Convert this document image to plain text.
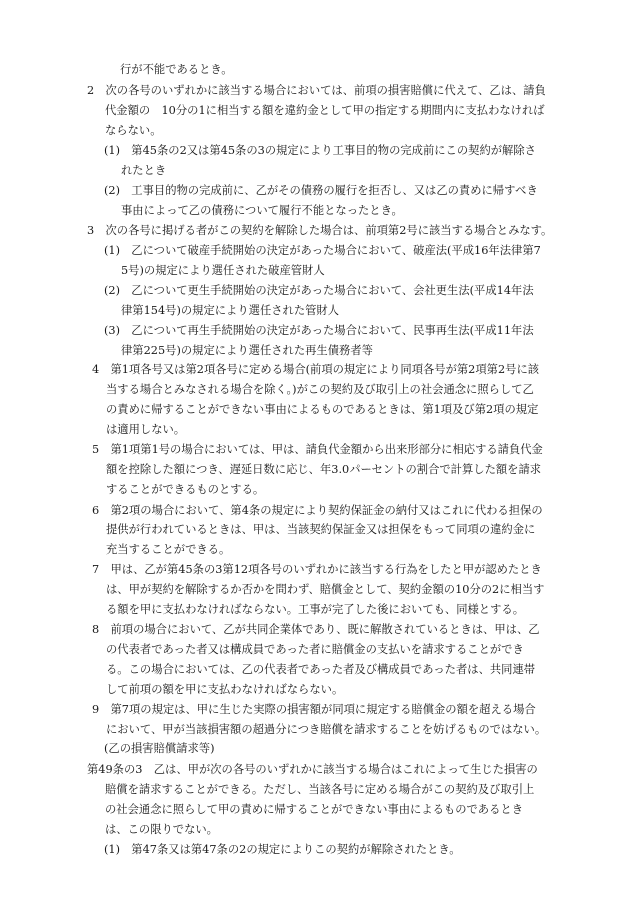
行が不能であるとき。
2　次の各号のいずれかに該当する場合においては、前項の損害賠償に代えて、乙は、請負
代金額の　10分の1に相当する額を違約金として甲の指定する期間内に支払わなければ
ならない。
(1)　第45条の2又は第45条の3の規定により工事目的物の完成前にこの契約が解除さ
れたとき
(2)　工事目的物の完成前に、乙がその債務の履行を拒否し、又は乙の責めに帰すべき
事由によって乙の債務について履行不能となったとき。
3　次の各号に掲げる者がこの契約を解除した場合は、前項第2号に該当する場合とみなす。
(1)　乙について破産手続開始の決定があった場合において、破産法(平成16年法律第7
5号)の規定により選任された破産管財人
(2)　乙について更生手続開始の決定があった場合において、会社更生法(平成14年法
律第154号)の規定により選任された管財人
(3)　乙について再生手続開始の決定があった場合において、民事再生法(平成11年法
律第225号)の規定により選任された再生債務者等
4　第1項各号又は第2項各号に定める場合(前項の規定により同項各号が第2項第2号に該
当する場合とみなされる場合を除く。)がこの契約及び取引上の社会通念に照らして乙
の責めに帰することができない事由によるものであるときは、第1項及び第2項の規定
は適用しない。
5　第1項第1号の場合においては、甲は、請負代金額から出来形部分に相応する請負代金
額を控除した額につき、遅延日数に応じ、年3.0パーセントの割合で計算した額を請求
することができるものとする。
6　第2項の場合において、第4条の規定により契約保証金の納付又はこれに代わる担保の
提供が行われているときは、甲は、当該契約保証金又は担保をもって同項の違約金に
充当することができる。
7　甲は、乙が第45条の3第12項各号のいずれかに該当する行為をしたと甲が認めたとき
は、甲が契約を解除するか否かを問わず、賠償金として、契約金額の10分の2に相当す
る額を甲に支払わなければならない。工事が完了した後においても、同様とする。
8　前項の場合において、乙が共同企業体であり、既に解散されているときは、甲は、乙
の代表者であった者又は構成員であった者に賠償金の支払いを請求することができ
る。この場合においては、乙の代表者であった者及び構成員であった者は、共同連帯
して前項の額を甲に支払わなければならない。
9　第7項の規定は、甲に生じた実際の損害額が同項に規定する賠償金の額を超える場合
において、甲が当該損害額の超過分につき賠償を請求することを妨げるものではない。
(乙の損害賠償請求等)
第49条の3　乙は、甲が次の各号のいずれかに該当する場合はこれによって生じた損害の
賠償を請求することができる。ただし、当該各号に定める場合がこの契約及び取引上
の社会通念に照らして甲の責めに帰することができない事由によるものであるとき
は、この限りでない。
(1)　第47条又は第47条の2の規定によりこの契約が解除されたとき。
